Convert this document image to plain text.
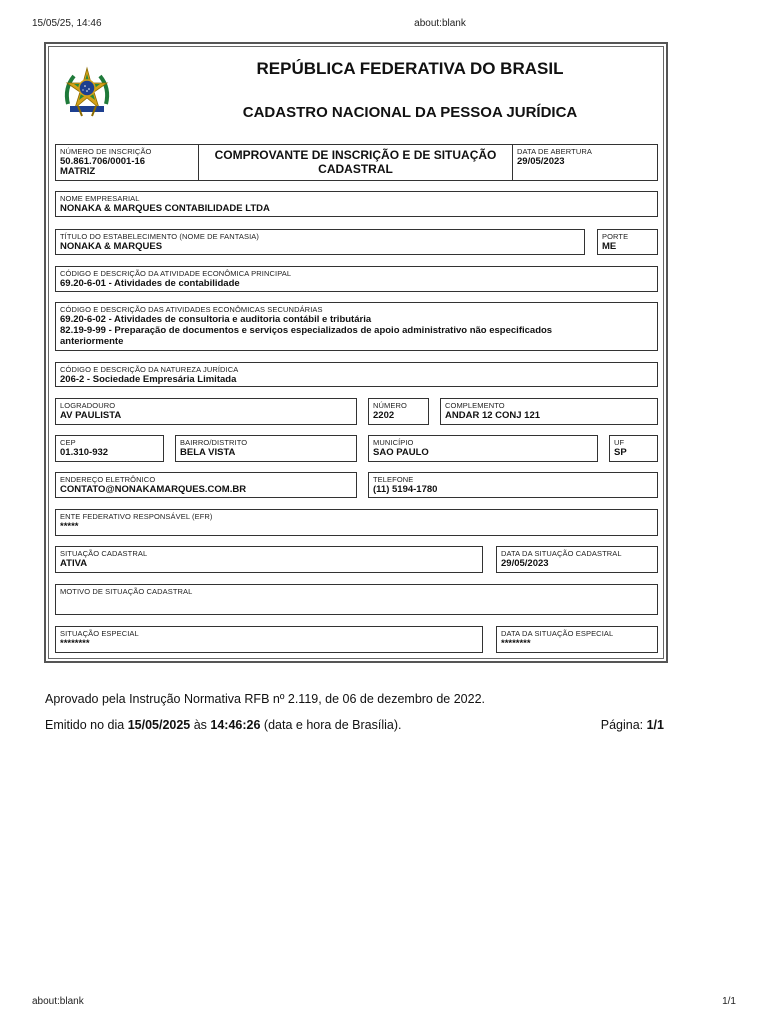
15/05/25, 14:46	about:blank
about:blank	1/1
REPÚBLICA FEDERATIVA DO BRASIL
CADASTRO NACIONAL DA PESSOA JURÍDICA
NÚMERO DE INSCRIÇÃO
50.861.706/0001-16
MATRIZ
COMPROVANTE DE INSCRIÇÃO E DE SITUAÇÃO
CADASTRAL
DATA DE ABERTURA
29/05/2023
NOME EMPRESARIAL
NONAKA & MARQUES CONTABILIDADE LTDA
TÍTULO DO ESTABELECIMENTO (NOME DE FANTASIA)
NONAKA & MARQUES
PORTE
ME
CÓDIGO E DESCRIÇÃO DA ATIVIDADE ECONÔMICA PRINCIPAL
69.20-6-01 - Atividades de contabilidade
CÓDIGO E DESCRIÇÃO DAS ATIVIDADES ECONÔMICAS SECUNDÁRIAS
69.20-6-02 - Atividades de consultoria e auditoria contábil e tributária
82.19-9-99 - Preparação de documentos e serviços especializados de apoio administrativo não especificados
anteriormente
CÓDIGO E DESCRIÇÃO DA NATUREZA JURÍDICA
206-2 - Sociedade Empresária Limitada
LOGRADOURO
AV PAULISTA
NÚMERO
2202
COMPLEMENTO
ANDAR 12 CONJ 121
CEP
01.310-932
BAIRRO/DISTRITO
BELA VISTA
MUNICÍPIO
SAO PAULO
UF
SP
ENDEREÇO ELETRÔNICO
CONTATO@NONAKAMARQUES.COM.BR
TELEFONE
(11) 5194-1780
ENTE FEDERATIVO RESPONSÁVEL (EFR)
*****
SITUAÇÃO CADASTRAL
ATIVA
DATA DA SITUAÇÃO CADASTRAL
29/05/2023
MOTIVO DE SITUAÇÃO CADASTRAL
SITUAÇÃO ESPECIAL
********
DATA DA SITUAÇÃO ESPECIAL
********
Aprovado pela Instrução Normativa RFB nº 2.119, de 06 de dezembro de 2022.
Emitido no dia 15/05/2025 às 14:46:26 (data e hora de Brasília).	Página: 1/1
